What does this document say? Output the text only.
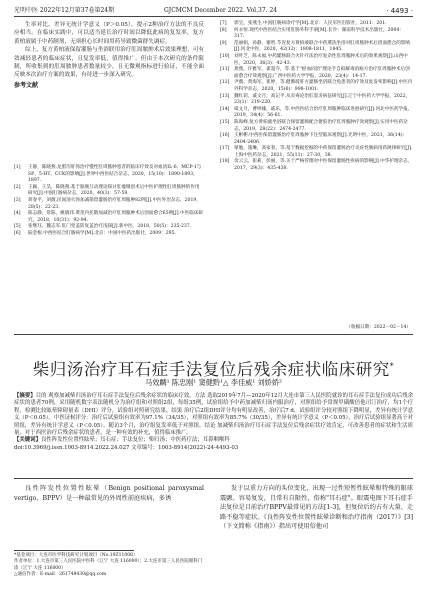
光明中医 2022年12月第37卷第24期	GJCMCM December 2022. Vol.37. 24	· 4493 ·

生率对比，差异无统计学意义（P＞0.05），提示2种治疗方法的不良反应相当。在临床实践中，可以适当延长治疗时间以降低此病的复发率，复方黄柏液属于中药制剂，无须担心长时间用药导致微菌群失调症。

综上，复方黄柏液保留灌肠与坐浴联用治疗肛周脓肿术后效果理想，可有效减轻患者的临床症状，且复发率低，值得推广。但由于本次研究的条件限制，所收集到的肛周脓肿患者数量较少，且无微观指标进行验证，不能全面反映本次治疗方案的效果，有待进一步深入研究。

参考文献

[1]	王静，陈晓燕.龙胆泻肝汤治疗慢性肛周脓肿患者的临床疗效及对血清IL-6、MCP-1与SP、5-HT、CCK的影响[J].世界中西医结合杂志，2020，15(10)：1890-1893，1897.
[2]	王颖，王昊，陈晓燕.基于脑肠互动理论探讨肛瘘微创术后中医护理性肛周脓肿的作用研究[J].中国肛肠病杂志，2020，40(3)：57-59.
[3]	蒋春平，刘薇.民间清火汤加减保留灌肠治疗肛周脓肿82例[J].中医外治杂志，2019，28(5)：22-23.
[4]	陈志静，常陈，姚晓玮.黄芪内托散加减治疗肛周脓肿术后创面愈合65例[J].中医临床研究，2018，10(31)：92-94.
[5]	张继珏，魏志军.肛门变盖防复盖治疗浅探[J].新中医，2018，50(5)：235-237.
[6]	陆金根.中西医结合肛肠病学[M].北京：中国中医药出版社，2009：295.
[7]	郭宝，张燕生.中国肛肠病诊疗学[M].北京：人民军医出版社，2011：201.
[8]	何永恒.现代中西医结合实用肛肠外科手册[M].长沙：湖南科学技术出版社，2004：317.
[9]	范丽娟，孙静，谢智.芩连复方黄柏液联合中药熏洗坐浴对肛周脓肿术后创面愈合的影响[J].河北中医，2020，42(12)：1808-1811，1845.
[10] 刘叶芝，陈永福.中药灌肠联合火针疗法治疗复杂性肛周脓肿术后的效果观察[J].山西中医，2020，36(3)：42-43.
[11] 龚燕，许雅军，翟超寺，等.基于"瘀血同治"理论手自拟解毒消痈方治疗肛周脓肿术后创面愈合疗效观察[J].广西中医药大学学报，2020，23(4)：14-17.
[12] 尹薇，黄海军，崔婷，等.健脾疏肝方灌肠坐浴联合免患者的疗效及复发率影响[J].中医内外科学杂志，2020，15(6)：998-1001.
[13] 魏红彩，戚文月，高记平.从炎毒论治肛窦炎病征研究[J].辽宁中医药大学学报，2022，23(1)：219-220.
[14] 威文月，曹坤雄，戚乐，等.中西医结合治疗肛周脓肿临床进展研究[J].河北中医药学报，2019，34(4)：56-61.
[15] 陈海峰.复方黄柏液坐浴联合保留灌肠配合捷胶治疗肛周脓肿疗效观察[J].实用中医药杂志，2019，28(22)：2474-2477.
[16] 王彬彬.中西医保留灌肠治疗肛周脓肿下注型临床观察[J].光明中医，2021，36(14)：2404-2406.
[17] 蒙勉，施琳，高家春，等.基于数据挖掘的中药保留灌肠治疗炎症性肠病用药规律研究[J].上海中医药杂志，2021，55(11)：27-30，38.
[18] 余云云，崔莉，彭丽，等.关于严格管理对中医保留灌肠性疾病的影响[J].中华护理杂志，2017，29(3)：435-438.
（收稿日期：2022－02－14）
柴归汤治疗耳石症手法复位后残余症状临床研究*
马效麟¹ 陈忠刚¹ 窦健黔¹△ 李佳威¹ 刘娇娇²
【摘要】目的 观察加减柴归汤治疗耳石症手法复位后残余症状的临床疗效。方法 选取2019年7月—2020年12月大连市第三人民医院就诊的耳石症手法复位成功后残余症状的患者70例，采用随机数字表法随机分为治疗组和对照组2组，每组35例，试验组给予中药加减柴归汤内服治疗，对照组给予常规甲磺酸倍他司汀治疗，均1个疗程，检测比较眩晕障碍量表（DHI）评分，试验组对照研究结果。结果 治疗后2组DHI评分均有明显改善，治疗后7 d，试验组评分较对照组下降明显，差异有统计学意义（P＜0.05）。中医证候评分：治疗后试验组有效率为97.1%（34/35），对照组有效率为85.7%（30/35），差异有统计学意义（P＜0.05），治疗后试验组显著高于对照组，差异有统计学意义（P＜0.05）。随访3个月，治疗组复发率低于对照组。结论 加减柴归汤治疗耳石症手法复位后残余症状疗效肯定，可改善患者的症状和生活质量，对于西医治疗后残余症状的患者，是一种有效的补充，值得临床推广。
【关键词】良性阵发性位置性眩晕；耳石症；手法复位；柴归汤；中医药疗法；耳鼻咽喉科
doi:10.3969/j.issn.1003-8914.2022.24.027 文章编号：1003-8914(2022)-24-4493-03

良性阵发性位置性眩晕（Benign positional paroxysmal vertigo，BPPV）是一种最常见的外周性前庭疾病，多诱

发于以重力方向的头位变化，出现一过性短暂性眩晕和特殊的眼球震颤。容易复发，且常有自限性，俗称"耳石症"。眼震电图下耳石症手法复位是目前治疗BPPV最常见的方法[1-3]，但复位后约占有大量、走路不稳等症状。《良性阵发性位置性眩晕诊断和治疗指南（2017）》[3]（下文简称《指南》）指出可使用倍他司

*基金项目：大连市医学科技研究计划项目（No.19Z11008）
作者单位：1.大连市第三人民医院中医科（辽宁 大连 116000）；2.大连市第三人民医院眼科门诊（辽宁 大连 116000）
△通信作者：E-mail：261748430@qq.com
